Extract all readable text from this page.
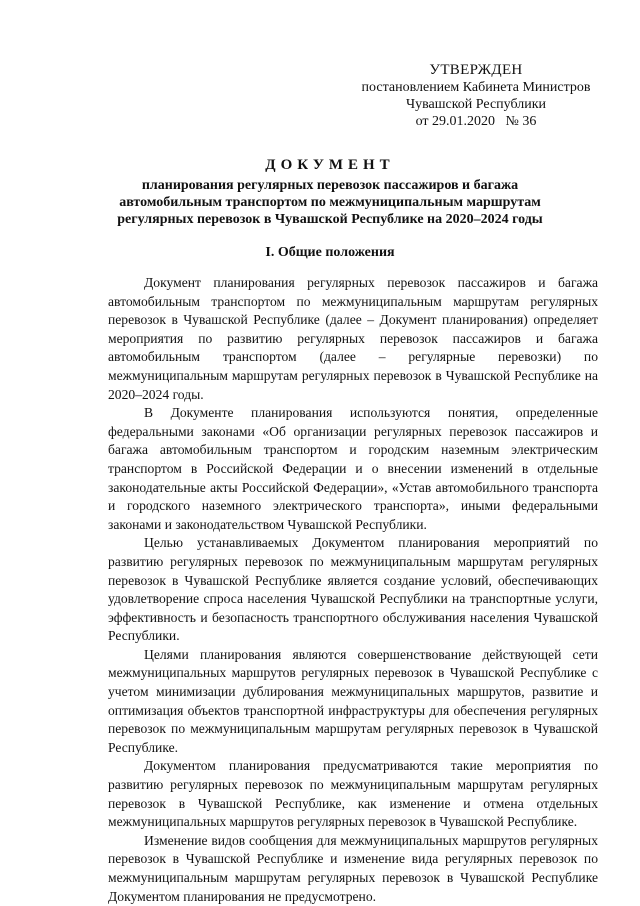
УТВЕРЖДЕН
постановлением Кабинета Министров
Чувашской Республики
от 29.01.2020   № 36
ДОКУМЕНТ
планирования регулярных перевозок пассажиров и багажа
автомобильным транспортом по межмуниципальным маршрутам
регулярных перевозок в Чувашской Республике на 2020–2024 годы
I. Общие положения

Документ планирования регулярных перевозок пассажиров и багажа автомобильным транспортом по межмуниципальным маршрутам регулярных перевозок в Чувашской Республике (далее – Документ планирования) определяет мероприятия по развитию регулярных перевозок пассажиров и багажа автомобильным транспортом (далее – регулярные перевозки) по межмуниципальным маршрутам регулярных перевозок в Чувашской Республике на 2020–2024 годы.

В Документе планирования используются понятия, определенные федеральными законами «Об организации регулярных перевозок пассажиров и багажа автомобильным транспортом и городским наземным электрическим транспортом в Российской Федерации и о внесении изменений в отдельные законодательные акты Российской Федерации», «Устав автомобильного транспорта и городского наземного электрического транспорта», иными федеральными законами и законодательством Чувашской Республики.

Целью устанавливаемых Документом планирования мероприятий по развитию регулярных перевозок по межмуниципальным маршрутам регулярных перевозок в Чувашской Республике является создание условий, обеспечивающих удовлетворение спроса населения Чувашской Республики на транспортные услуги, эффективность и безопасность транспортного обслуживания населения Чувашской Республики.

Целями планирования являются совершенствование действующей сети межмуниципальных маршрутов регулярных перевозок в Чувашской Республике с учетом минимизации дублирования межмуниципальных маршрутов, развитие и оптимизация объектов транспортной инфраструктуры для обеспечения регулярных перевозок по межмуниципальным маршрутам регулярных перевозок в Чувашской Республике.

Документом планирования предусматриваются такие мероприятия по развитию регулярных перевозок по межмуниципальным маршрутам регулярных перевозок в Чувашской Республике, как изменение и отмена отдельных межмуниципальных маршрутов регулярных перевозок в Чувашской Республике.

Изменение видов сообщения для межмуниципальных маршрутов регулярных перевозок в Чувашской Республике и изменение вида регулярных перевозок по межмуниципальным маршрутам регулярных перевозок в Чувашской Республике Документом планирования не предусмотрено.
